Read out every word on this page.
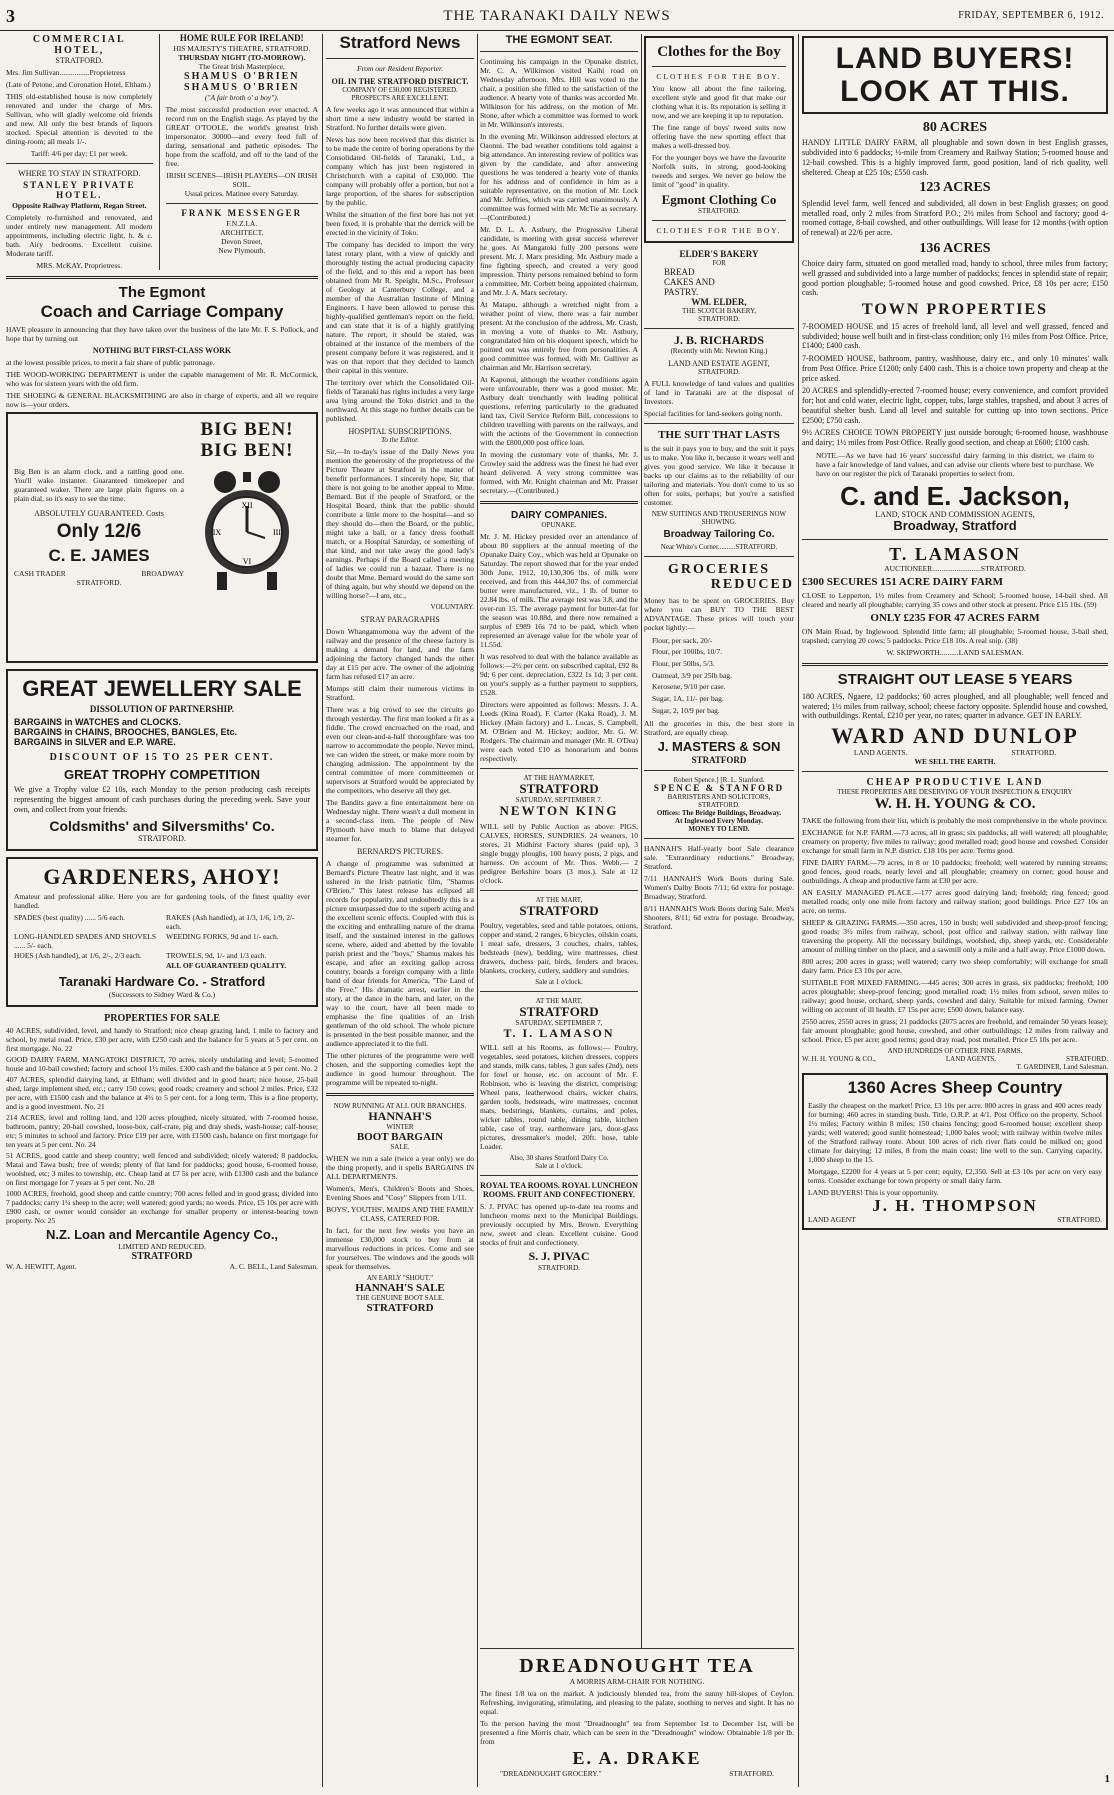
3	THE TARANAKI DAILY NEWS	FRIDAY, SEPTEMBER 6, 1912.
COMMERCIAL HOTEL,
STRATFORD.

Mrs. Jim Sullivan................Proprietress

(Late of Petone, and Coronation Hotel, Eltham.)

THIS old-established house is now completely renovated and under the charge of Mrs. Sullivan, who will gladly welcome old friends and new. All only the best brands of liquors stocked. Special attention is devoted to the dining-room; all meals 1/-.

Tariff: 4/6 per day; £1 per week.

WHERE TO STAY IN STRATFORD.
STANLEY PRIVATE HOTEL.
Opposite Railway Platform, Regan Street.

Completely re-furnished and renovated, and under entirely new management. All modern appointments, including electric light, h. & c. bath. Airy bedrooms. Excellent cuisine. Moderate tariff.

MRS. McKAY, Proprietress.
HOME RULE FOR IRELAND!
HIS MAJESTY'S THEATRE, STRATFORD.
THURSDAY NIGHT (TO-MORROW).
The Great Irish Masterpiece,
SHAMUS O'BRIEN
SHAMUS O'BRIEN
("A fair broth o' a boy").

The most successful production ever enacted. A record run on the English stage. As played by the GREAT O'TOOLE, the world's greatest Irish impersonator. 30000—and every feed full of daring, sensational and pathetic episodes. The hope from the scaffold, and off to the land of the free.

IRISH SCENES—IRISH PLAYERS—ON IRISH SOIL.
Usual prices. Matinee every Saturday.
FRANK MESSENGER
F.N.Z.I.A.
ARCHITECT.
Devon Street,
New Plymouth.
The Egmont
Coach and Carriage Company

HAVE pleasure in announcing that they have taken over the business of the late Mr. F. S. Pollock, and hope that by turning out

NOTHING BUT FIRST-CLASS WORK

at the lowest possible prices, to merit a fair share of public patronage.

THE WOOD-WORKING DEPARTMENT is under the capable management of Mr. R. McCormick, who was for sixteen years with the old firm.

THE SHOEING & GENERAL BLACKSMITHING are also in charge of experts, and all we require now is—your orders.

Big Ben is an alarm clock, and a rattling good one. You'll wake instanter. Guaranteed timekeeper and guaranteed waker. There are large plain figures on a plain dial, so it's easy to see the time.

ABSOLUTELY GUARANTEED. Costs
Only 12/6
C. E. JAMES
CASH TRADER	BROADWAY
STRATFORD.
BIG BEN!
BIG BEN!
XII
III
VI
IX
GREAT JEWELLERY SALE
DISSOLUTION OF PARTNERSHIP.
BARGAINS in WATCHES and CLOCKS.
BARGAINS in CHAINS, BROOCHES, BANGLES, Etc.
BARGAINS in SILVER and E.P. WARE.
DISCOUNT OF 15 TO 25 PER CENT.
GREAT TROPHY COMPETITION

We give a Trophy value £2 10s, each Monday to the person producing cash receipts representing the biggest amount of cash purchases during the preceding week. Save your own, and collect from your friends.

Coldsmiths' and Silversmiths' Co.
STRATFORD.
GARDENERS, AHOY!

Amateur and professional alike. Here you are for gardening tools, of the finest quality ever handled.

SPADES (best quality) ...... 5/6 each.	RAKES (Ash handled), at 1/3, 1/6, 1/9, 2/- each.
LONG-HANDLED SPADES AND SHOVELS ...... 5/- each.
WEEDING FORKS, 9d and 1/- each.
HOES (Ash handled), at 1/6, 2/-, 2/3 each.	TROWELS, 9d, 1/- and 1/3 each.
ALL OF GUARANTEED QUALITY.
Taranaki Hardware Co. - Stratford
(Successors to Sidney Ward & Co.)
PROPERTIES FOR SALE

40 ACRES, subdivided, level, and handy to Stratford; nice cheap grazing land, 1 mile to factory and school, by metal road. Price, £30 per acre, with £250 cash and the balance for 5 years at 5 per cent. on first mortgage. No. 22

GOOD DAIRY FARM, MANGATOKI DISTRICT, 70 acres, nicely undulating and level; 5-roomed house and 10-bail cowshed; factory and school 1½ miles. £300 cash and the balance at 5 per cent. No. 2

407 ACRES, splendid dairying land, at Eltham; well divided and in good heart; nice house, 25-bail shed, large implement shed, etc.; carry 150 cows; good roads; creamery and school 2 miles. Price, £32 per acre, with £1500 cash and the balance at 4½ to 5 per cent. for a long term. This is a fine property, and is a good investment. No. 21

214 ACRES, level and rolling land, and 120 acres ploughed, nicely situated, with 7-roomed house, bathroom, pantry; 20-bail cowshed, loose-box, calf-crate, pig and dray sheds, wash-house; calf-house; etc; 5 minutes to school and factory. Price £19 per acre, with £1500 cash, balance on first mortgage for ten years at 5 per cent. No. 24

51 ACRES, good cattle and sheep country; well fenced and subdivided; nicely watered; 8 paddocks, Matai and Tawa bush; free of weeds; plenty of flat land for paddocks; good house, 6-roomed house, woolshed, etc; 3 miles to township, etc. Cheap land at £7 5s per acre, with £1300 cash and the balance on first mortgage for 7 years at 5 per cent. No. 28

1000 ACRES, freehold, good sheep and cattle country; 700 acres felled and in good grass; divided into 7 paddocks; carry 1¼ sheep to the acre; well watered; good yards; no weeds. Price, £5 10s per acre with £900 cash, or owner would consider an exchange for smaller property or interest-bearing town property. No. 25

N.Z. Loan and Mercantile Agency Co.,
LIMITED AND REDUCED.
STRATFORD
W. A. HEWITT, Agent.	A. C. BELL, Land Salesman.
Stratford News
From our Resident Reporter.
OIL IN THE STRATFORD DISTRICT.
COMPANY OF £30,000 REGISTERED.
PROSPECTS ARE EXCELLENT.

A few weeks ago it was announced that within a short time a new industry would be started in Stratford. No further details were given.

News has now been received that this district is to be made the centre of boring operations by the Consolidated Oil-fields of Taranaki, Ltd., a company which has just been registered in Christchurch with a capital of £30,000. The company will probably offer a portion, but not a large proportion, of the shares for subscription by the public.

Whilst the situation of the first bore has not yet been fixed, it is probable that the derrick will be erected in the vicinity of Toko.

The company has decided to import the very latest rotary plant, with a view of quickly and thoroughly testing the actual producing capacity of the field, and to this end a report has been obtained from Mr R. Speight, M.Sc., Professor of Geology at Canterbury College, and a member of the Australian Institute of Mining Engineers. I have been allowed to peruse this highly-qualified gentleman's report on the field, and can state that it is of a highly gratifying nature. The report, it should be stated, was obtained at the instance of the members of the present company before it was registered, and it was on that report that they decided to launch their capital in this venture.

The territory over which the Consolidated Oil-fields of Taranaki has rights includes a very large area lying around the Toko district and to the northward. At this stage no further details can be published.

HOSPITAL SUBSCRIPTIONS.
To the Editor.

Sir,—In to-day's issue of the Daily News you mention the generosity of the proprietress of the Picture Theatre at Stratford in the matter of benefit performances. I sincerely hope, Sir, that there is not going to be another appeal to Mme. Bernard. But if the people of Stratford, or the Hospital Board, think that the public should contribute a little more to the hospital—and so they should do—then the Board, or the public, might take a ball, or a fancy dress football match, or a Hospital Saturday, or something of that kind, and not take away the good lady's earnings. Perhaps if the Board called a meeting of ladies we could run a bazaar. There is no doubt that Mme. Bernard would do the same sort of thing again, but why should we depend on the willing horse?—I am, etc.,

VOLUNTARY.
STRAY PARAGRAPHS

Down Whangamomona way the advent of the railway and the presence of the cheese factory is making a demand for land, and the farm adjoining the factory changed hands the other day at £15 per acre. The owner of the adjoining farm has refused £17 an acre.

Mumps still claim their numerous victims in Stratford.

There was a big crowd to see the circuits go through yesterday. The first man looked a fit as a fiddle. The crowd encroached on the road, and even our clean-and-a-half thoroughfare was too narrow to accommodate the people. Never mind, we can widen the street, or make more room by changing admission. The appointment by the central committee of more committeemen or supervisors at Stratford would be appreciated by the competitors, who deserve all they get.

The Bandits gave a fine entertainment here on Wednesday night. There wasn't a dull moment in a second-class item. The people of New Plymouth have much to blame that delayed steamer for.

BERNARD'S PICTURES.

A change of programme was submitted at Bernard's Picture Theatre last night, and it was ushered in the Irish patriotic film, "Shamus O'Brien." This latest release has eclipsed all records for popularity, and undoubtedly this is a picture unsurpassed due to the superb acting and the excellent scenic effects. Coupled with this is the exciting and enthralling nature of the drama itself, and the sustained interest in the gallows scene, where, aided and abetted by the lovable parish priest and the "boys," Shamus makes his escape, and after an exciting gallop across country, boards a foreign company with a little band of dear friends for America, "The Land of the Free." His dramatic arrest, earlier in the story, at the dance in the barn, and later, on the way to the court, have all been made to emphasise the fine qualities of an Irish gentleman of the old school. The whole picture is presented in the best possible manner, and the audience appreciated it to the full.

The other pictures of the programme were well chosen, and the supporting comedies kept the audience in good humour throughout. The programme will be repeated to-night.

NOW RUNNING AT ALL OUR BRANCHES.
HANNAH'S
WINTER
BOOT BARGAIN
SALE.

WHEN we run a sale (twice a year only) we do the thing properly, and it spells BARGAINS IN ALL DEPARTMENTS.

Women's, Men's, Children's Boots and Shoes, Evening Shoes and "Cosy" Slippers from 1/11.

BOYS', YOUTHS', MAIDS AND THE FAMILY CLASS, CATERED FOR.

In fact, for the next few weeks you have an immense £30,000 stock to buy from at marvellous reductions in prices. Come and see for yourselves. The windows and the goods will speak for themselves.

AN EARLY "SHOUT."
HANNAH'S SALE
THE GENUINE BOOT SALE.
STRATFORD
THE EGMONT SEAT.

Continuing his campaign in the Opunake district, Mr. C. A. Wilkinson visited Kaihi road on Wednesday afternoon. Mrs. Hill was voted to the chair, a position she filled to the satisfaction of the audience. A hearty vote of thanks was accorded Mr. Wilkinson for his address, on the motion of Mr. Stone, after which a committee was formed to work in Mr. Wilkinson's interests.

In the evening Mr. Wilkinson addressed electors at Oaonui. The bad weather conditions told against a big attendance. An interesting review of politics was given by the candidate, and after answering questions he was tendered a hearty vote of thanks for his address and of confidence in him as a suitable representative, on the motion of Mr. Lock and Mr. Jeffries, which was carried unanimously. A committee was formed with Mr. McTie as secretary.—(Contributed.)

Mr. D. L. A. Astbury, the Progressive Liberal candidate, is meeting with great success wherever he goes. At Mangatoki fully 200 persons were present. Mr. J. Marx presiding. Mr. Astbury made a fine fighting speech, and created a very good impression. Thirty persons remained behind to form a committee, Mr. Corbett being appointed chairman, and Mr. J. A. Marx secretary.

At Matapu, although a wretched night from a weather point of view, there was a fair number present. At the conclusion of the address, Mr. Crash, in moving a vote of thanks to Mr. Astbury, congratulated him on his eloquent speech, which he pointed out was entirely free from personalities. A good committee was formed, with Mr. Gulliver as chairman and Mr. Harrison secretary.

At Kaponui, although the weather conditions again were unfavourable, there was a good muster. Mr. Astbury dealt trenchantly with leading political questions, referring particularly to the graduated land tax, Civil Service Reform Bill, concessions to children travelling with parents on the railways, and with the actions of the Government in connection with the £800,000 post office loan.

In moving the customary vote of thanks, Mr. J. Crowley said the address was the finest he had ever heard delivered. A very strong committee was formed, with Mr. Knight chairman and Mr. Prasser secretary.—(Contributed.)

DAIRY COMPANIES.
OPUNAKE.

Mr. J. M. Hickey presided over an attendance of about 80 suppliers at the annual meeting of the Opunake Dairy Coy., which was held at Opunake on Saturday. The report showed that for the year ended 30th June, 1912, 10,130,306 lbs. of milk were received, and from this 444,307 lbs. of commercial butter were manufactured, viz., 1 lb. of butter to 22.84 lbs. of milk. The average test was 3.8, and the over-run 15. The average payment for butter-fat for the season was 10.88d, and there now remained a surplus of £989 16s 7d to be paid, which when represented an average value for the whole year of 11.55d.

It was resolved to deal with the balance available as follows:—2½ per cent. on subscribed capital, £92 8s 9d; 6 per cent. depreciation, £322 1s 1d; 3 per cent. on your's supply as a further payment to suppliers, £528.

Directors were appointed as follows: Messrs. J. A. Leeds (Kina Road), F. Carter (Kaka Road), J. M. Hickey (Main factory) and L. Lucas, S. Campbell, M. O'Brien and M. Hickey; auditor, Mr. G. W. Rodgers. The chairman and manager (Mr. R. O'Dea) were each voted £10 as honorarium and bonus respectively.

AT THE HAYMARKET,
STRATFORD
SATURDAY, SEPTEMBER 7.
NEWTON KING

WILL sell by Public Auction as above: PIGS, CALVES, HORSES, SUNDRIES. 24 weaners, 10 stores, 21 Midhirst Factory shares (paid up), 3 single buggy ploughs, 100 heavy posts, 2 pigs, and harness. On account of Mr. Thos. Webb.— 2 pedigree Berkshire boars (3 mos.). Sale at 12 o'clock.

AT THE MART,
STRATFORD

Poultry, vegetables, seed and table potatoes, onions, copper and stand, 2 ranges, 6 bicycles, oilskin coats, 1 meat safe, dressers, 3 couches, chairs, tables, bedsteads (new), bedding, wire mattresses, chest drawers, duchess pair, birds, fenders and braces, blankets, crockery, cutlery, saddlery and sundries.

Sale at 1 o'clock.
AT THE MART,
STRATFORD
SATURDAY, SEPTEMBER 7,
T. I. LAMASON

WILL sell at his Rooms, as follows:— Poultry, vegetables, seed potatoes, kitchen dressers, coppers and stands, milk cans, tables, 3 gun safes (2nd), nets for fowl or house, etc. on account of Mr. F. Robinson, who is leaving the district, comprising: Wheel pans, leatherwood chairs, wicker chairs, garden tools, bedsteads, wire mattresses, coconut mats, bedstrings, blankets, curtains, and poles, wicker tables, round table, dining table, kitchen table, case of tray, earthenware jars, door-glass pictures, dressmaker's model, 20ft. hose, table Loader.

Also, 30 shares Stratford Dairy Co.
Sale at 1 o'clock.
ROYAL TEA ROOMS. ROYAL LUNCHEON ROOMS. FRUIT AND CONFECTIONERY.

S. J. PIVAC has opened up-to-date tea rooms and luncheon rooms next to the Municipal Buildings, previously occupied by Mrs. Brown. Everything new, sweet and clean. Excellent cuisine. Good stocks of fruit and confectionery.

S. J. PIVAC
STRATFORD.
DREADNOUGHT TEA
A MORRIS ARM-CHAIR FOR NOTHING.

The finest 1/8 tea on the market. A judiciously blended tea, from the sunny hill-slopes of Ceylon. Refreshing, invigorating, stimulating, and pleasing to the palate, soothing to nerves and sight. It has no equal.

To the person having the most "Dreadnought" tea from September 1st to December 1st, will be presented a fine Morris chair, which can be seen in the "Dreadnought" window. Obtainable 1/8 per lb. from

E. A. DRAKE
"DREADNOUGHT GROCERY."	STRATFORD.
Clothes for the Boy
CLOTHES FOR THE BOY.

You know all about the fine tailoring, excellent style and good fit that make our clothing what it is. Its reputation is selling it now, and we are keeping it up to reputation.

The fine range of boys' tweed suits now offering have the new sporting effect that makes a well-dressed boy.

For the younger boys we have the favourite Norfolk suits, in strong, good-looking tweeds and serges. We never go below the limit of "good" in quality.

Egmont Clothing Co
STRATFORD.
CLOTHES FOR THE BOY.
ELDER'S BAKERY
FOR
BREAD
CAKES AND
PASTRY.
WM. ELDER,
THE SCOTCH BAKERY,
STRATFORD.
J. B. RICHARDS
(Recently with Mr. Newton King.)
LAND AND ESTATE AGENT,
STRATFORD.

A FULL knowledge of land values and qualities of land in Taranaki are at the disposal of Investors.

Special facilities for land-seekers going north.

THE SUIT THAT LASTS

is the suit it pays you to buy, and the suit it pays us to make. You like it, because it wears well and gives you good service. We like it because it backs up our claims as to the reliability of our tailoring and materials. You don't come to us so often for suits, perhaps; but you're a satisfied customer.

NEW SUITINGS AND TROUSERINGS NOW SHOWING.
Broadway Tailoring Co.
Near White's Corner..........STRATFORD.
GROCERIES
REDUCED

Money has to be spent on GROCERIES. Buy where you can BUY TO THE BEST ADVANTAGE. These prices will touch your pocket lightly:—

Flour, per sack, 20/-
Flour, per 100lbs, 10/7.
Flour, per 50lbs, 5/3.
Oatmeal, 3/9 per 25lb bag.
Kerosene, 9/10 per case.
Sugar, 1A, 11/- per bag.
Sugar, 2, 10/9 per bag.

All the groceries in this, the best store in Stratford, are equally cheap.

J. MASTERS & SON
STRATFORD
Robert Spence.] [R. L. Stanford.
SPENCE & STANFORD
BARRISTERS AND SOLICITORS,
STRATFORD.
Offices: The Bridge Buildings, Broadway.
At Inglewood Every Monday.
MONEY TO LEND.

HANNAH'S Half-yearly boot Sale clearance sale. "Extraordinary reductions." Broadway, Stratford.

7/11 HANNAH'S Work Boots during Sale. Women's Dalby Boots 7/11; 6d extra for postage. Broadway, Stratford.

8/11 HANNAH'S Work Boots during Sale. Men's Shooters, 8/11; 6d extra for postage. Broadway, Stratford.

LAND BUYERS!
LOOK AT THIS.
80 ACRES

HANDY LITTLE DAIRY FARM, all ploughable and sown down in best English grasses, subdivided into 6 paddocks; ½-mile from Creamery and Railway Station; 5-roomed house and 12-bail cowshed. This is a highly improved farm, good position, land of rich quality, well sheltered. Cheap at £25 10s; £550 cash.

123 ACRES

Splendid level farm, well fenced and subdivided, all down in best English grasses; on good metalled road, only 2 miles from Stratford P.O.; 2½ miles from School and factory; good 4-roomed cottage, 8-bail cowshed, and other outbuildings. Will lease for 12 months (with option of renewal) at 22/6 per acre.

136 ACRES

Choice dairy farm, situated on good metalled road, handy to school, three miles from factory; well grassed and subdivided into a large number of paddocks; fences in splendid state of repair; good portion ploughable; 5-roomed house and good cowshed. Price, £8 10s per acre; £150 cash.

TOWN PROPERTIES

7-ROOMED HOUSE and 15 acres of freehold land, all level and well grassed, fenced and subdivided; house well built and in first-class condition; only 1½ miles from Post Office. Price, £1400; £400 cash.

7-ROOMED HOUSE, bathroom, pantry, washhouse, dairy etc., and only 10 minutes' walk from Post Office. Price £1200; only £400 cash. This is a choice town property and cheap at the price asked.

20 ACRES and splendidly-erected 7-roomed house; every convenience, and comfort provided for; hot and cold water, electric light, copper, tubs, large stables, trapshed, and about 3 acres of beautiful shelter bush. Land all level and suitable for cutting up into town sections. Price £2500; £750 cash.

9½ ACRES CHOICE TOWN PROPERTY just outside borough; 6-roomed house, washhouse and dairy; 1½ miles from Post Office. Really good section, and cheap at £600; £100 cash.

NOTE.—As we have had 16 years' successful dairy farming in this district, we claim to have a fair knowledge of land values, and can advise our clients where best to purchase. We have on our register the pick of Taranaki properties to select from.

C. and E. Jackson,
LAND, STOCK AND COMMISSION AGENTS,
Broadway, Stratford
T. LAMASON
AUCTIONEER..........................STRATFORD.
£300 SECURES 151 ACRE DAIRY FARM

CLOSE to Lepperton, 1½ miles from Creamery and School; 5-roomed house, 14-bail shed. All cleared and nearly all ploughable; carrying 35 cows and other stock at present. Price £15 10s. (59)

ONLY £235 FOR 47 ACRES FARM

ON Main Road, by Inglewood. Splendid little farm; all ploughable; 5-roomed house, 3-bail shed, trapshed; carrying 20 cows; 5 paddocks. Price £18 10s. A real snip. (38)

W. SKIPWORTH..........LAND SALESMAN.
STRAIGHT OUT LEASE 5 YEARS

180 ACRES, Ngaere, 12 paddocks; 60 acres ploughed, and all ploughable; well fenced and watered; 1½ miles from railway, school; cheese factory opposite. Splendid house and cowshed, with outbuildings. Rental, £210 per year, no rates; quarter in advance. GET IN EARLY.

WARD AND DUNLOP
LAND AGENTS.	STRATFORD.
WE SELL THE EARTH.
CHEAP PRODUCTIVE LAND
THESE PROPERTIES ARE DESERVING OF YOUR INSPECTION & ENQUIRY
W. H. H. YOUNG & CO.

TAKE the following from their list, which is probably the most comprehensive in the whole province.

EXCHANGE for N.P. FARM.—73 acres, all in grass; six paddocks, all well watered; all ploughable; creamery on property; five miles to railway; good metalled road; good house and cowshed. Consider exchange for small farm in N.P. district. £18 10s per acre. Terms good.

FINE DAIRY FARM.—79 acres, in 8 or 10 paddocks; freehold; well watered by running streams; good fences, good roads, nearly level and all ploughable; creamery on corner; good house and outbuildings. A cheap and productive farm at £30 per acre.

AN EASILY MANAGED PLACE.—177 acres good dairying land; freehold; ring fenced; good metalled roads; only one mile from factory and railway station; good buildings. Price £27 10s an acre, on terms.

SHEEP & GRAZING FARMS.—350 acres, 150 in bush; well subdivided and sheep-proof fencing; good roads; 3½ miles from railway, school, post office and railway station, with railway line traversing the property. All the necessary buildings, woolshed, dip, sheep yards, etc. Considerable amount of milling timber on the place, and a sawmill only a mile and a half away. Price £1000 down.

800 acres; 200 acres in grass; well watered; carry two sheep comfortably; will exchange for small dairy farm. Price £3 10s per acre.

SUITABLE FOR MIXED FARMING.—445 acres; 300 acres in grass, six paddocks; freehold; 100 acres ploughable; sheep-proof fencing; good metalled road; 1½ miles from school, seven miles to railway; good house, orchard, sheep yards, cowshed and dairy. Suitable for mixed farming. Owner willing on account of ill health. £7 15s per acre; £500 down, balance easy.

2550 acres, 2550 acres in grass; 21 paddocks (2075 acres are freehold, and remainder 50 years lease); fair amount ploughable; good house, cowshed, and other outbuildings; 12 miles from railway and school. Price, £5 per acre; good terms; good dray road, post metalled. Price £5 10s per acre.

AND HUNDREDS OF OTHER FINE FARMS.
W. H. H. YOUNG & CO.,	LAND AGENTS,	STRATFORD.
T. GARDINER, Land Salesman.
1360 Acres Sheep Country

Easily the cheapest on the market! Price, £3 10s per acre. 800 acres in grass and 400 acres ready for burning; 460 acres in standing bush. Title, O.R.P. at 4/1. Post Office on the property. School 1½ miles; Factory within 8 miles; 150 chains fencing; good 6-roomed house; excellent sheep yards; well watered; good sunlit homestead; 1,000 bales wool; with railway within twelve miles of the Stratford railway route. About 100 acres of rich river flats could be milked on; good climate for dairying; 12 miles, 8 from the main coast; line well to the sun. Carrying capacity, 1,000 sheep to the 15.

Mortgage, £2200 for 4 years at 5 per cent; equity, £2,350. Sell at £3 10s per acre on very easy terms. Consider exchange for town property or small dairy farm.

LAND BUYERS! This is your opportunity.
J. H. THOMPSON
LAND AGENT	STRATFORD.
1
